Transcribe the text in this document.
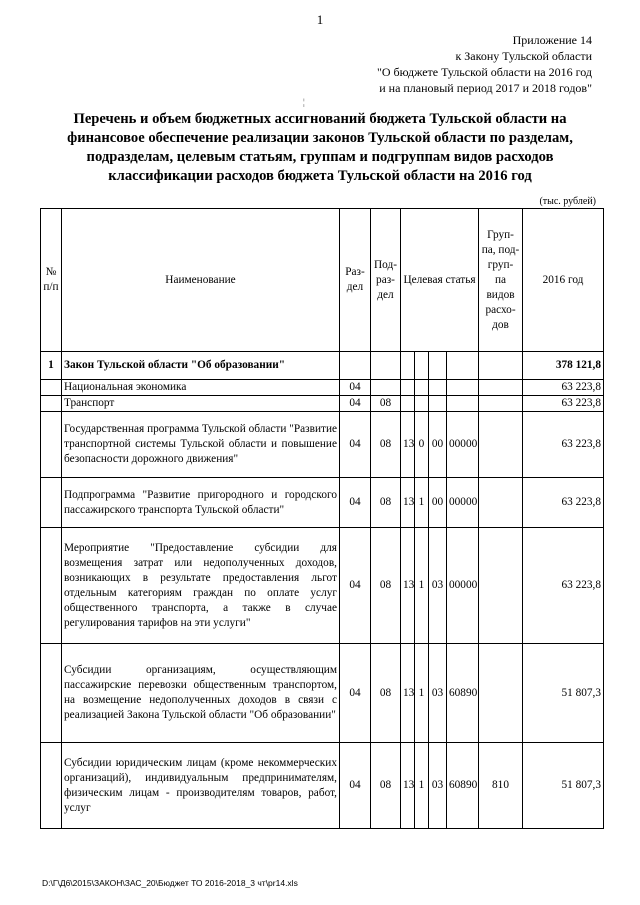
1
Приложение 14
к Закону Тульской области
"О бюджете Тульской области на 2016 год
и на плановый период 2017 и 2018 годов"
¦
Перечень и объем бюджетных ассигнований бюджета Тульской области на
финансовое обеспечение реализации законов Тульской области по разделам,
подразделам, целевым статьям, группам и подгруппам видов расходов
классификации расходов бюджета Тульской области на 2016 год
(тыс. рублей)
№ п/п	Наименование	Раз- дел	Под- раз- дел	Целевая статья				Груп- па, под- груп- па видов расхо- дов	2016 год
1	Закон Тульской области "Об образовании"								378 121,8
	Национальная экономика	04							63 223,8
	Транспорт	04	08						63 223,8
	Государственная программа Тульской области "Развитие транспортной системы Тульской области и повышение безопасности дорожного движения"	04	08	13	0	00	00000		63 223,8
	Подпрограмма "Развитие пригородного и городского пассажирского транспорта Тульской области"	04	08	13	1	00	00000		63 223,8
	Мероприятие "Предоставление субсидии для возмещения затрат или недополученных доходов, возникающих в результате предоставления льгот отдельным категориям граждан по оплате услуг общественного транспорта, а также в случае регулирования тарифов на эти услуги"	04	08	13	1	03	00000		63 223,8
	Субсидии организациям, осуществляющим пассажирские перевозки общественным транспортом, на возмещение недополученных доходов в связи с реализацией Закона Тульской области "Об образовании"	04	08	13	1	03	60890		51 807,3
	Субсидии юридическим лицам (кроме некоммерческих организаций), индивидуальным предпринимателям, физическим лицам - производителям товаров, работ, услуг	04	08	13	1	03	60890	810	51 807,3
D:\Г\Д6\2015\ЗАКОН\ЗАС_20\Бюджет ТО 2016-2018_3 чт\pr14.xls
